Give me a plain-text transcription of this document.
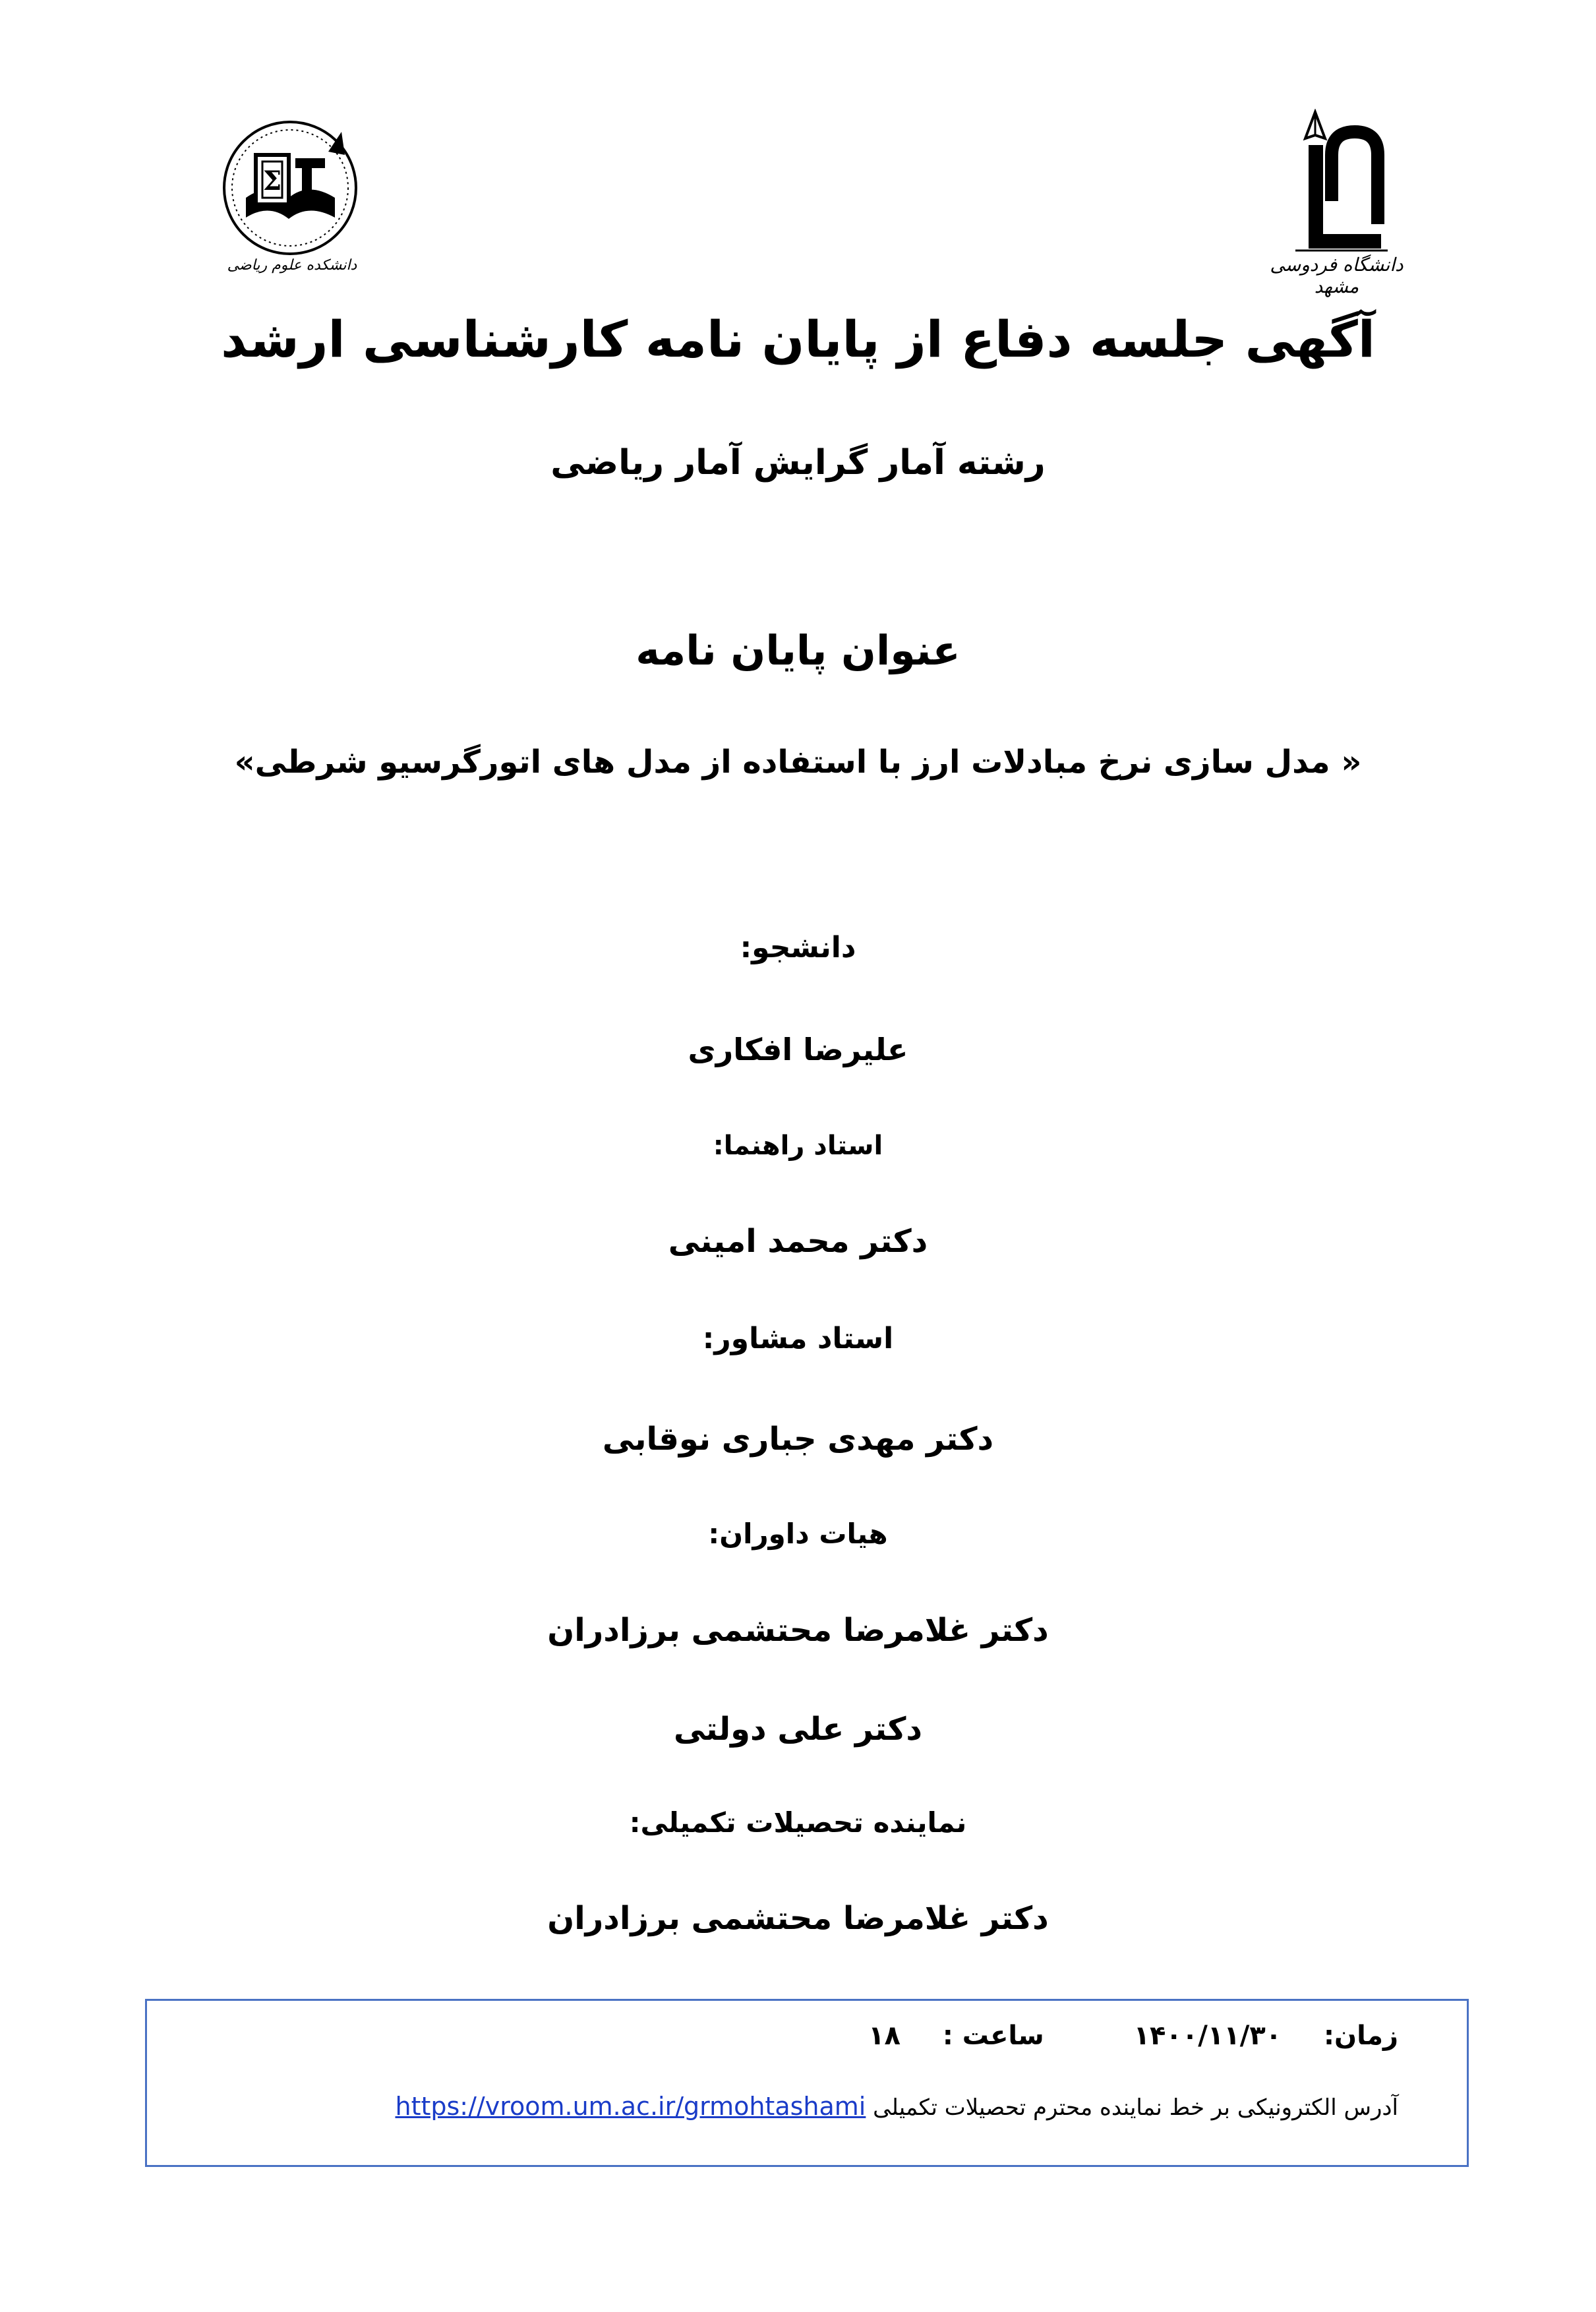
Σ
دانشکده علوم ریاضی	دانشگاه فردوسی مشهد
آگهی جلسه دفاع از پایان نامه کارشناسی ارشد
رشته آمار گرایش آمار ریاضی
عنوان پایان نامه
« مدل سازی نرخ مبادلات ارز با استفاده از مدل های اتورگرسیو شرطی»
دانشجو:
علیرضا افکاری
استاد راهنما:
دکتر محمد امینی
استاد مشاور:
دکتر مهدی جباری نوقابی
هیات داوران:
دکتر غلامرضا محتشمی برزادران
دکتر علی دولتی
نماینده تحصیلات تکمیلی:
دکتر غلامرضا محتشمی برزادران
زمان:  ۱۴۰۰/۱۱/۳۰  ساعت :  ۱۸
آدرس الکترونیکی بر خط نماینده محترم تحصیلات تکمیلی https://vroom.um.ac.ir/grmohtashami
